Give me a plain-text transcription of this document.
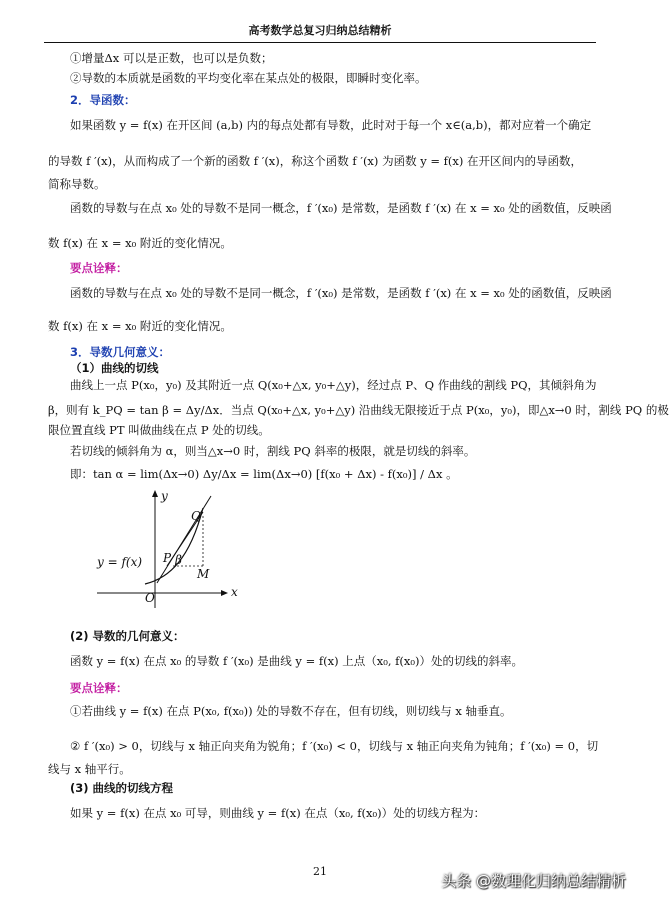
高考数学总复习归纳总结精析
①增量Δx 可以是正数，也可以是负数；
②导数的本质就是函数的平均变化率在某点处的极限，即瞬时变化率。
2．导函数：
如果函数 y = f(x) 在开区间 (a,b) 内的每点处都有导数，此时对于每一个 x∈(a,b)，都对应着一个确定
的导数 f ′(x)，从而构成了一个新的函数 f ′(x)，称这个函数 f ′(x) 为函数 y = f(x) 在开区间内的导函数，
简称导数。
函数的导数与在点 x₀ 处的导数不是同一概念，f ′(x₀) 是常数，是函数 f ′(x) 在 x = x₀ 处的函数值，反映函
数 f(x) 在 x = x₀ 附近的变化情况。
要点诠释：
函数的导数与在点 x₀ 处的导数不是同一概念，f ′(x₀) 是常数，是函数 f ′(x) 在 x = x₀ 处的函数值，反映函
数 f(x) 在 x = x₀ 附近的变化情况。
3．导数几何意义：
（1）曲线的切线
曲线上一点 P(x₀，y₀) 及其附近一点 Q(x₀+△x, y₀+△y)，经过点 P、Q 作曲线的割线 PQ，其倾斜角为
β，则有 k_PQ = tan β = Δy/Δx．当点 Q(x₀+△x, y₀+△y) 沿曲线无限接近于点 P(x₀，y₀)，即△x→0 时，割线 PQ 的极
限位置直线 PT 叫做曲线在点 P 处的切线。
若切线的倾斜角为 α，则当△x→0 时，割线 PQ 斜率的极限，就是切线的斜率。
即：tan α = lim(Δx→0) Δy/Δx = lim(Δx→0) [f(x₀ + Δx) - f(x₀)] / Δx 。
y
x
O
y = f(x) P
Q
M
β
(2) 导数的几何意义：
函数 y = f(x) 在点 x₀ 的导数 f ′(x₀) 是曲线 y = f(x) 上点（x₀, f(x₀)）处的切线的斜率。
要点诠释：
①若曲线 y = f(x) 在点 P(x₀, f(x₀)) 处的导数不存在，但有切线，则切线与 x 轴垂直。
② f ′(x₀) > 0，切线与 x 轴正向夹角为锐角；f ′(x₀) < 0，切线与 x 轴正向夹角为钝角；f ′(x₀) = 0，切
线与 x 轴平行。
(3) 曲线的切线方程
如果 y = f(x) 在点 x₀ 可导，则曲线 y = f(x) 在点（x₀, f(x₀)）处的切线方程为：
21
头条 @数理化归纳总结精析
